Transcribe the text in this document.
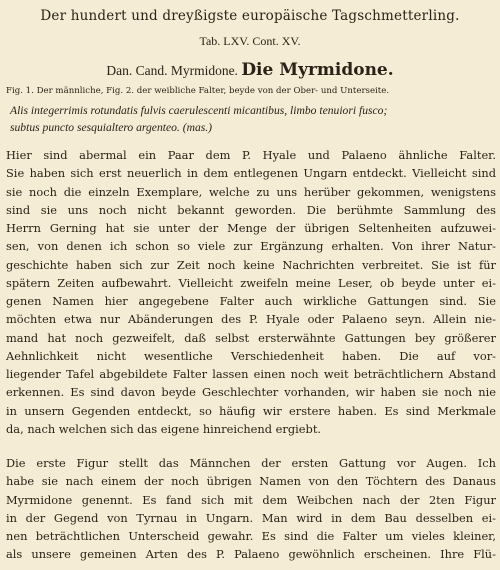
Der hundert und dreyßigste europäische Tagschmetterling.
Tab. LXV. Cont. XV.
Dan. Cand. Myrmidone. Die Myrmidone.
Fig. 1. Der männliche, Fig. 2. der weibliche Falter, beyde von der Ober- und Unterseite.
Alis integerrimis rotundatis fulvis caerulescenti micantibus, limbo tenuiori fusco;
subtus puncto sesquialtero argenteo. (mas.)
Hier sind abermal ein Paar dem P. Hyale und Palaeno ähnliche Falter.
Sie haben sich erst neuerlich in dem entlegenen Ungarn entdeckt. Vielleicht sind
sie noch die einzeln Exemplare, welche zu uns herüber gekommen, wenigstens
sind sie uns noch nicht bekannt geworden. Die berühmte Sammlung des
Herrn Gerning hat sie unter der Menge der übrigen Seltenheiten aufzuwei-
sen, von denen ich schon so viele zur Ergänzung erhalten. Von ihrer Natur-
geschichte haben sich zur Zeit noch keine Nachrichten verbreitet. Sie ist für
spätern Zeiten aufbewahrt. Vielleicht zweifeln meine Leser, ob beyde unter ei-
genen Namen hier angegebene Falter auch wirkliche Gattungen sind. Sie
möchten etwa nur Abänderungen des P. Hyale oder Palaeno seyn. Allein nie-
mand hat noch gezweifelt, daß selbst ersterwähnte Gattungen bey größerer
Aehnlichkeit nicht wesentliche Verschiedenheit haben. Die auf vor-
liegender Tafel abgebildete Falter lassen einen noch weit beträchtlichern Abstand
erkennen. Es sind davon beyde Geschlechter vorhanden, wir haben sie noch nie
in unsern Gegenden entdeckt, so häufig wir erstere haben. Es sind Merkmale
da, nach welchen sich das eigene hinreichend ergiebt.
Die erste Figur stellt das Männchen der ersten Gattung vor Augen. Ich
habe sie nach einem der noch übrigen Namen von den Töchtern des Danaus
Myrmidone genennt. Es fand sich mit dem Weibchen nach der 2ten Figur
in der Gegend von Tyrnau in Ungarn. Man wird in dem Bau desselben ei-
nen beträchtlichen Unterscheid gewahr. Es sind die Falter um vieles kleiner,
als unsere gemeinen Arten des P. Palaeno gewöhnlich erscheinen. Ihre Flü-
